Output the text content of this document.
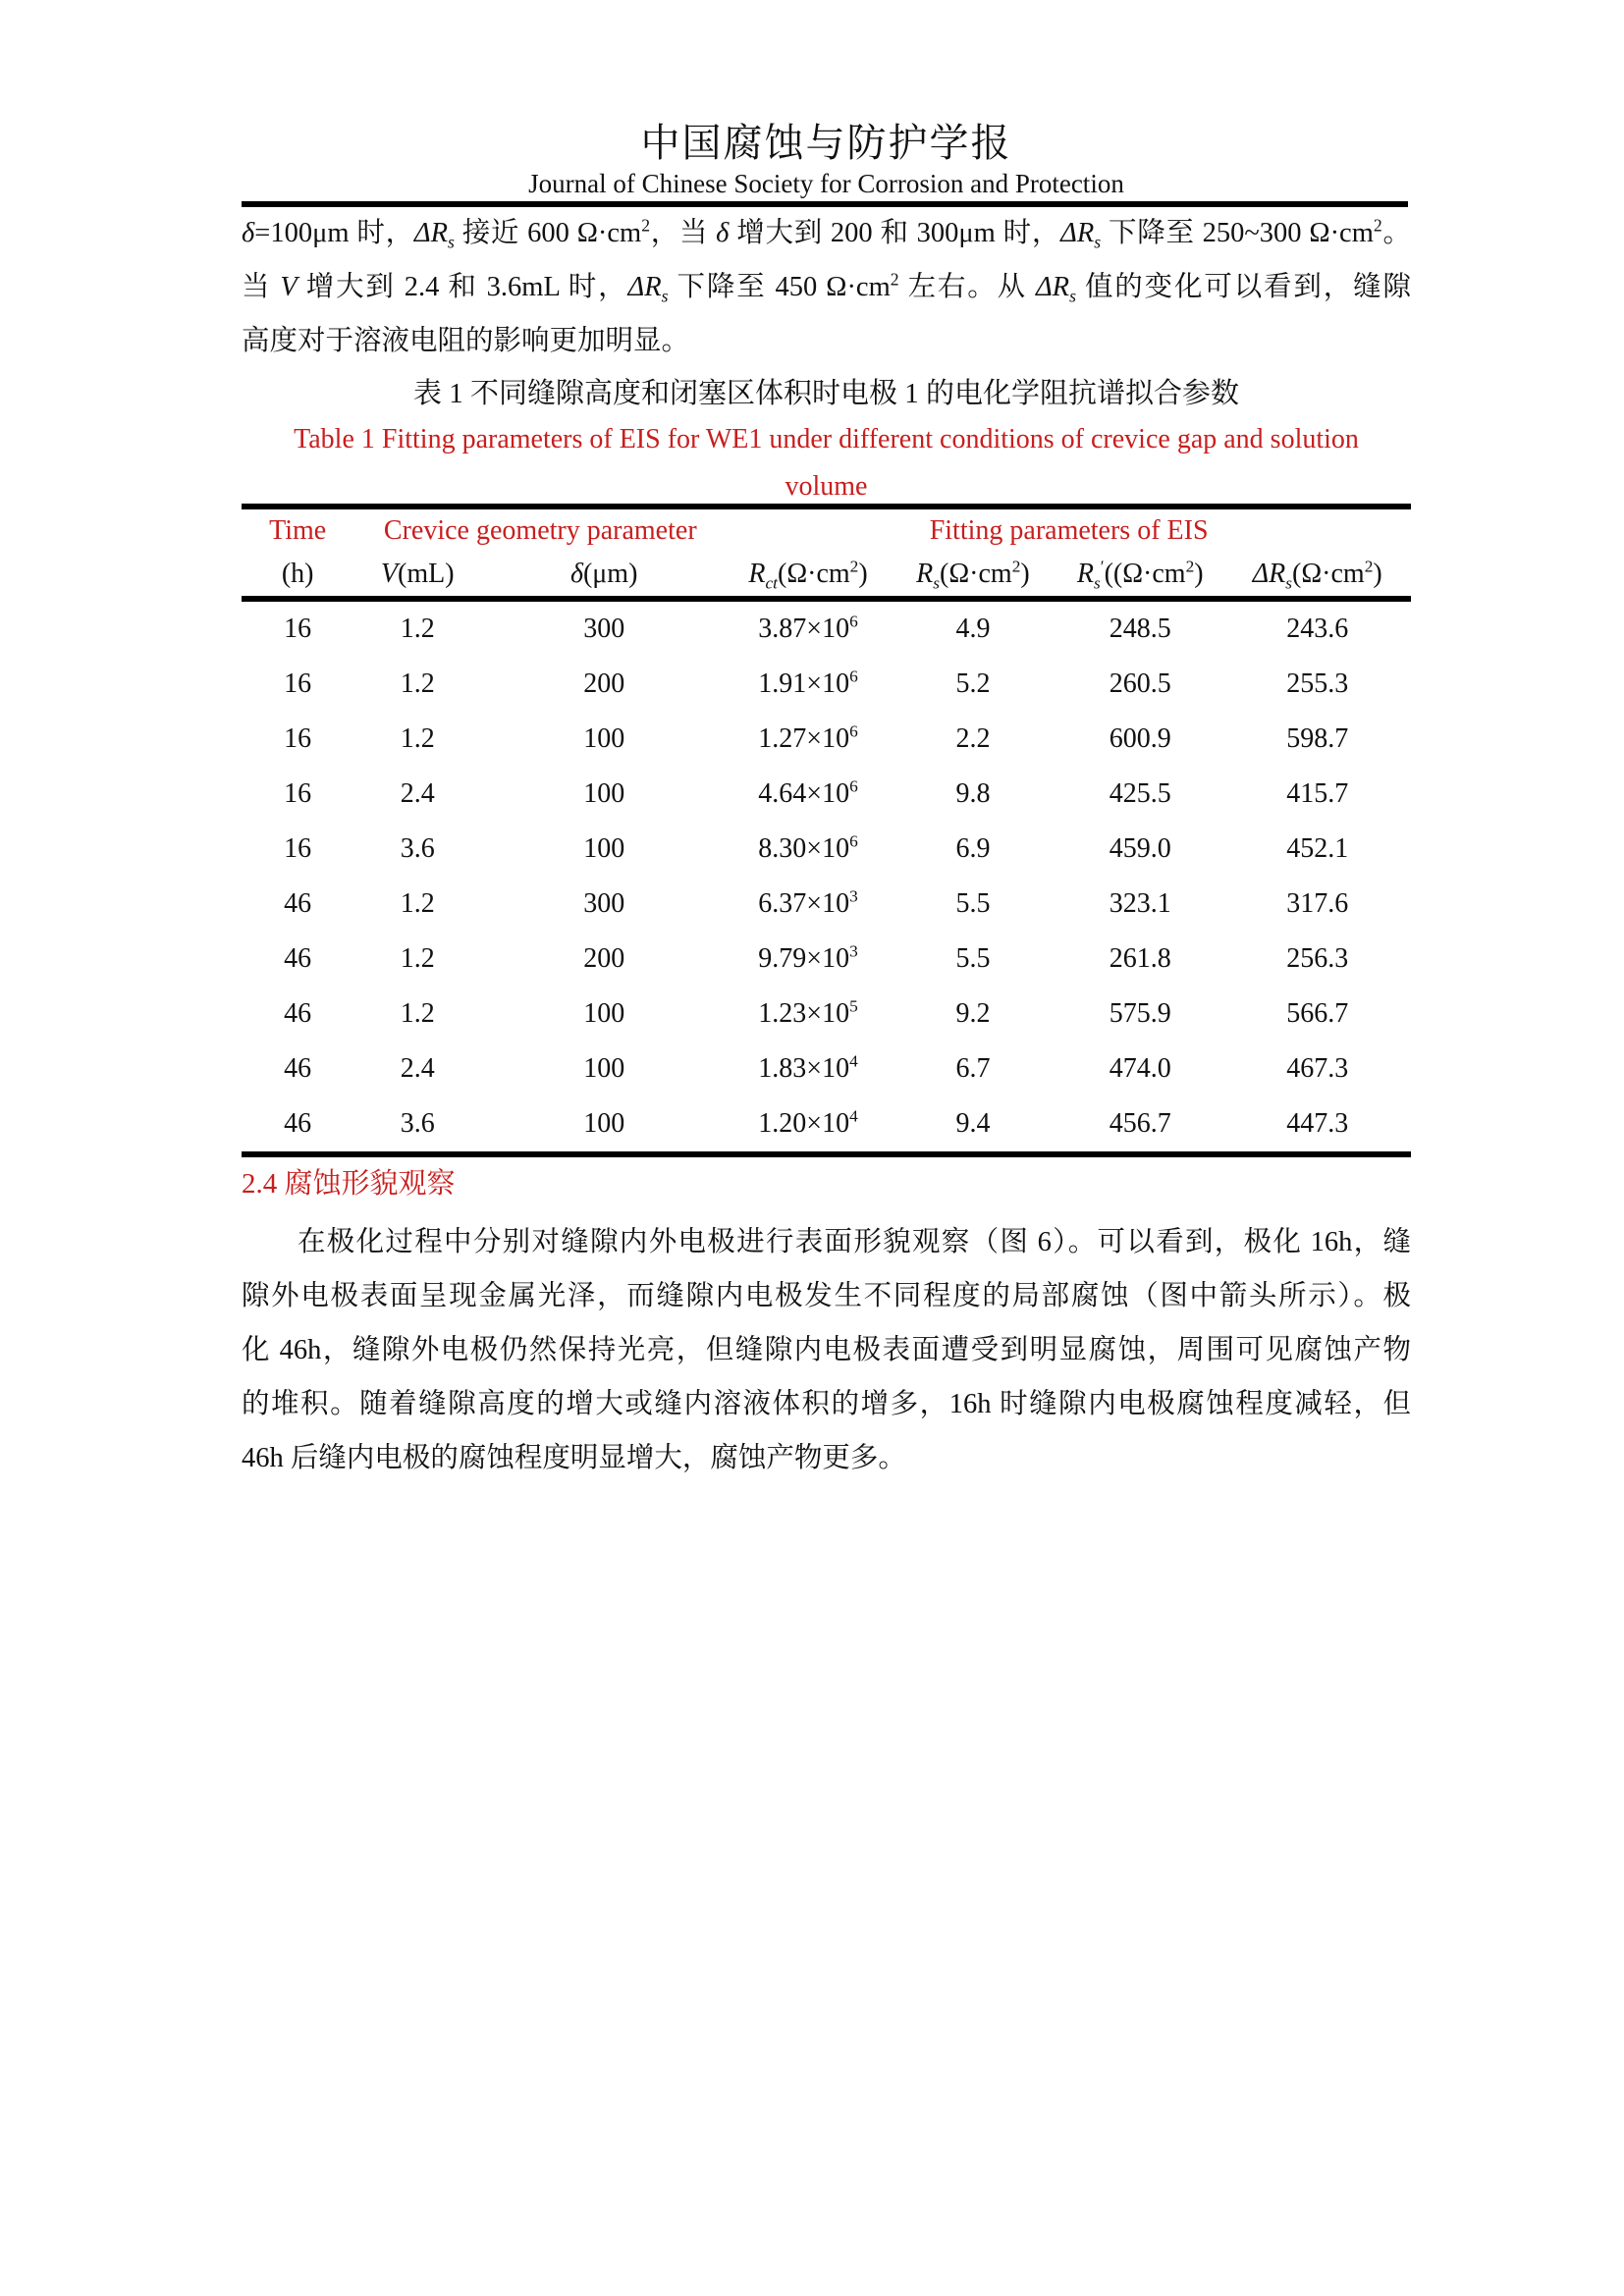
中国腐蚀与防护学报
Journal of Chinese Society for Corrosion and Protection
δ=100μm 时，$\Delta R_s$ 接近 600 $\Omega\cdot cm^2$，当 δ 增大到 200 和 300μm 时，$\Delta R_s$ 下降至 250~300 $\Omega\cdot cm^2$。
当 V 增大到 2.4 和 3.6mL 时，$\Delta R_s$ 下降至 450 $\Omega\cdot cm^2$ 左右。从 $\Delta R_s$ 值的变化可以看到，缝隙
高度对于溶液电阻的影响更加明显。
表 1 不同缝隙高度和闭塞区体积时电极 1 的电化学阻抗谱拟合参数
Table 1 Fitting parameters of EIS for WE1 under different conditions of crevice gap and solution
volume
Time	Crevice geometry parameter		Fitting parameters of EIS			
(h)	V(mL)	δ(μm)	$R_{ct}(\Omega\cdot cm^2)$	$R_s(\Omega\cdot cm^2)$	$R_s'((\Omega\cdot cm^2)$	$\Delta R_s(\Omega\cdot cm^2)$
16	1.2	300	$3.87\times 10^6$	4.9	248.5	243.6
16	1.2	200	$1.91\times 10^6$	5.2	260.5	255.3
16	1.2	100	$1.27\times 10^6$	2.2	600.9	598.7
16	2.4	100	$4.64\times 10^6$	9.8	425.5	415.7
16	3.6	100	$8.30\times 10^6$	6.9	459.0	452.1
46	1.2	300	$6.37\times 10^3$	5.5	323.1	317.6
46	1.2	200	$9.79\times 10^3$	5.5	261.8	256.3
46	1.2	100	$1.23\times 10^5$	9.2	575.9	566.7
46	2.4	100	$1.83\times 10^4$	6.7	474.0	467.3
46	3.6	100	$1.20\times 10^4$	9.4	456.7	447.3
2.4 腐蚀形貌观察
在极化过程中分别对缝隙内外电极进行表面形貌观察（图 6）。可以看到，极化 16h，缝
隙外电极表面呈现金属光泽，而缝隙内电极发生不同程度的局部腐蚀（图中箭头所示）。极
化 46h，缝隙外电极仍然保持光亮，但缝隙内电极表面遭受到明显腐蚀，周围可见腐蚀产物
的堆积。随着缝隙高度的增大或缝内溶液体积的增多，16h 时缝隙内电极腐蚀程度减轻，但
46h 后缝内电极的腐蚀程度明显增大，腐蚀产物更多。
